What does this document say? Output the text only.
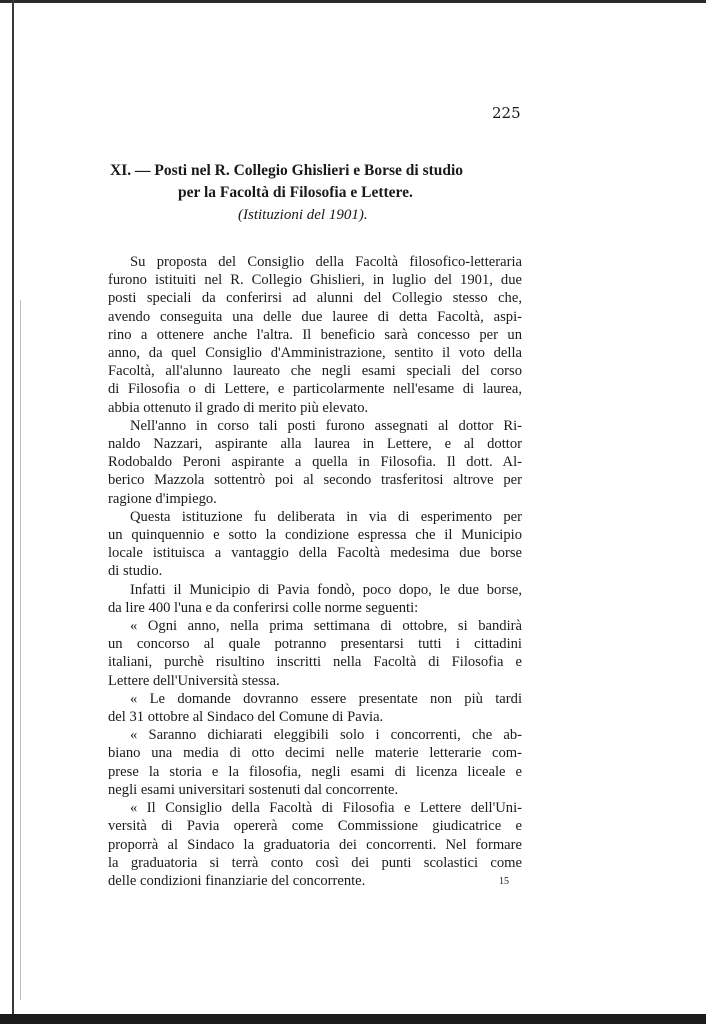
225
XI. — Posti nel R. Collegio Ghislieri e Borse di studio
per la Facoltà di Filosofia e Lettere.
(Istituzioni del 1901).
Su proposta del Consiglio della Facoltà filosofico-letteraria
furono istituiti nel R. Collegio Ghislieri, in luglio del 1901, due
posti speciali da conferirsi ad alunni del Collegio stesso che,
avendo conseguita una delle due lauree di detta Facoltà, aspi-
rino a ottenere anche l'altra. Il beneficio sarà concesso per un
anno, da quel Consiglio d'Amministrazione, sentito il voto della
Facoltà, all'alunno laureato che negli esami speciali del corso
di Filosofia o di Lettere, e particolarmente nell'esame di laurea,
abbia ottenuto il grado di merito più elevato.
Nell'anno in corso tali posti furono assegnati al dottor Ri-
naldo Nazzari, aspirante alla laurea in Lettere, e al dottor
Rodobaldo Peroni aspirante a quella in Filosofia. Il dott. Al-
berico Mazzola sottentrò poi al secondo trasferitosi altrove per
ragione d'impiego.
Questa istituzione fu deliberata in via di esperimento per
un quinquennio e sotto la condizione espressa che il Municipio
locale istituisca a vantaggio della Facoltà medesima due borse
di studio.
Infatti il Municipio di Pavia fondò, poco dopo, le due borse,
da lire 400 l'una e da conferirsi colle norme seguenti:
« Ogni anno, nella prima settimana di ottobre, si bandirà
un concorso al quale potranno presentarsi tutti i cittadini
italiani, purchè risultino inscritti nella Facoltà di Filosofia e
Lettere dell'Università stessa.
« Le domande dovranno essere presentate non più tardi
del 31 ottobre al Sindaco del Comune di Pavia.
« Saranno dichiarati eleggibili solo i concorrenti, che ab-
biano una media di otto decimi nelle materie letterarie com-
prese la storia e la filosofia, negli esami di licenza liceale e
negli esami universitari sostenuti dal concorrente.
« Il Consiglio della Facoltà di Filosofia e Lettere dell'Uni-
versità di Pavia opererà come Commissione giudicatrice e
proporrà al Sindaco la graduatoria dei concorrenti. Nel formare
la graduatoria si terrà conto così dei punti scolastici come
delle condizioni finanziarie del concorrente.	15
